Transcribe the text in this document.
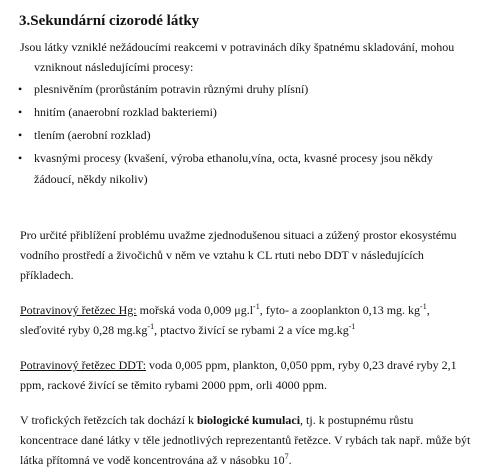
3.Sekundární cizorodé látky
Jsou látky vzniklé nežádoucími reakcemi v potravinách díky špatnému skladování, mohou
vzniknout následujícími procesy:
• plesnivěním (prorůstáním potravin různými druhy plísní)
• hnitím (anaerobní rozklad bakteriemi)
• tlením (aerobní rozklad)
• kvasnými procesy (kvašení, výroba ethanolu,vína, octa, kvasné procesy jsou někdy
žádoucí, někdy nikoliv)
Pro určité přiblížení problému uvažme zjednodušenou situaci a zúžený prostor ekosystému
vodního prostředí a živočichů v něm ve vztahu k CL rtuti nebo DDT v následujících
příkladech.
Potravinový řetězec Hg: mořská voda 0,009 $\mu g.l^{-1}$, fyto- a zooplankton 0,13 mg. $kg^{-1}$,
sleďovité ryby 0,28 $mg.kg^{-1}$, ptactvo živící se rybami 2 a více $mg.kg^{-1}$
Potravinový řetězec DDT: voda 0,005 ppm, plankton, 0,050 ppm, ryby 0,23 dravé ryby 2,1
ppm, rackové živící se těmito rybami 2000 ppm, orli 4000 ppm.
V trofických řetězcích tak dochází k biologické kumulaci, tj. k postupnému růstu
koncentrace dané látky v těle jednotlivých reprezentantů řetězce. V rybách tak např. může být
látka přítomná ve vodě koncentrována až v násobku $10^7$.
